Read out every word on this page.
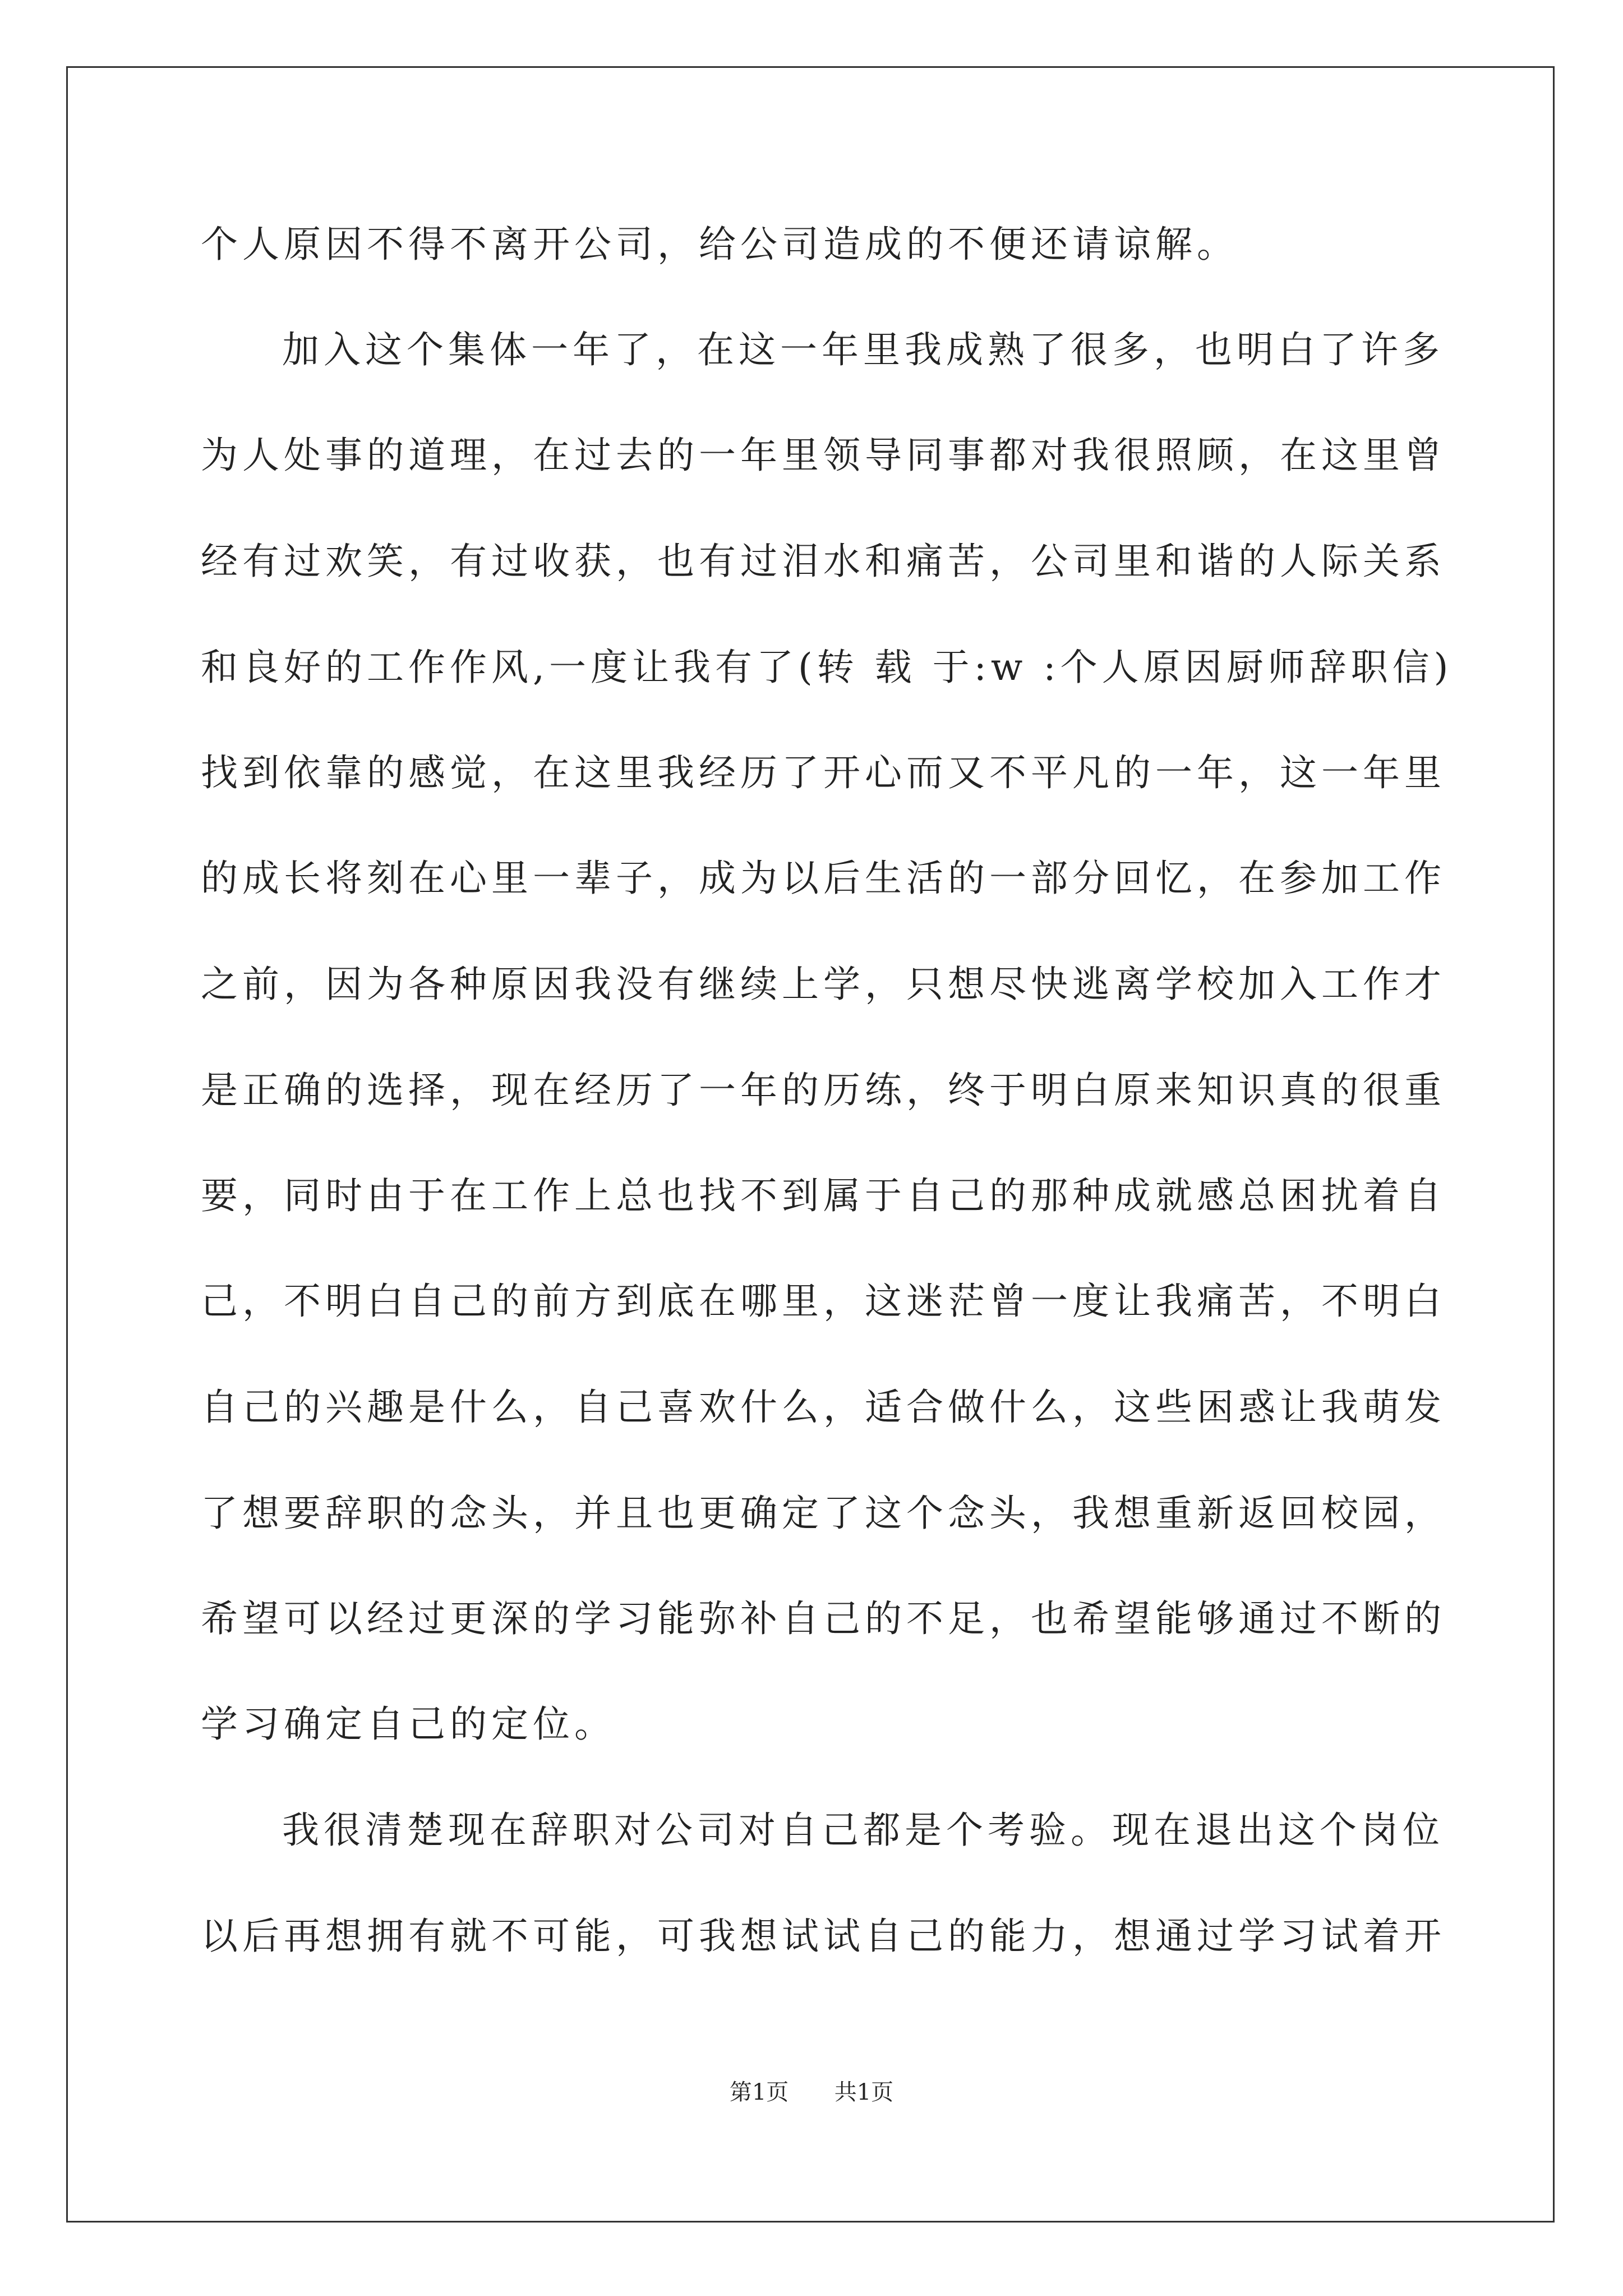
个人原因不得不离开公司，给公司造成的不便还请谅解。
加入这个集体一年了，在这一年里我成熟了很多，也明白了许多
为人处事的道理，在过去的一年里领导同事都对我很照顾，在这里曾
经有过欢笑，有过收获，也有过泪水和痛苦，公司里和谐的人际关系
和良好的工作作风,一度让我有了(转 载 于:w :个人原因厨师辞职信)
找到依靠的感觉，在这里我经历了开心而又不平凡的一年，这一年里
的成长将刻在心里一辈子，成为以后生活的一部分回忆，在参加工作
之前，因为各种原因我没有继续上学，只想尽快逃离学校加入工作才
是正确的选择，现在经历了一年的历练，终于明白原来知识真的很重
要，同时由于在工作上总也找不到属于自己的那种成就感总困扰着自
己，不明白自己的前方到底在哪里，这迷茫曾一度让我痛苦，不明白
自己的兴趣是什么，自己喜欢什么，适合做什么，这些困惑让我萌发
了想要辞职的念头，并且也更确定了这个念头，我想重新返回校园，
希望可以经过更深的学习能弥补自己的不足，也希望能够通过不断的
学习确定自己的定位。
我很清楚现在辞职对公司对自己都是个考验。现在退出这个岗位
以后再想拥有就不可能，可我想试试自己的能力，想通过学习试着开
第1页 共1页
